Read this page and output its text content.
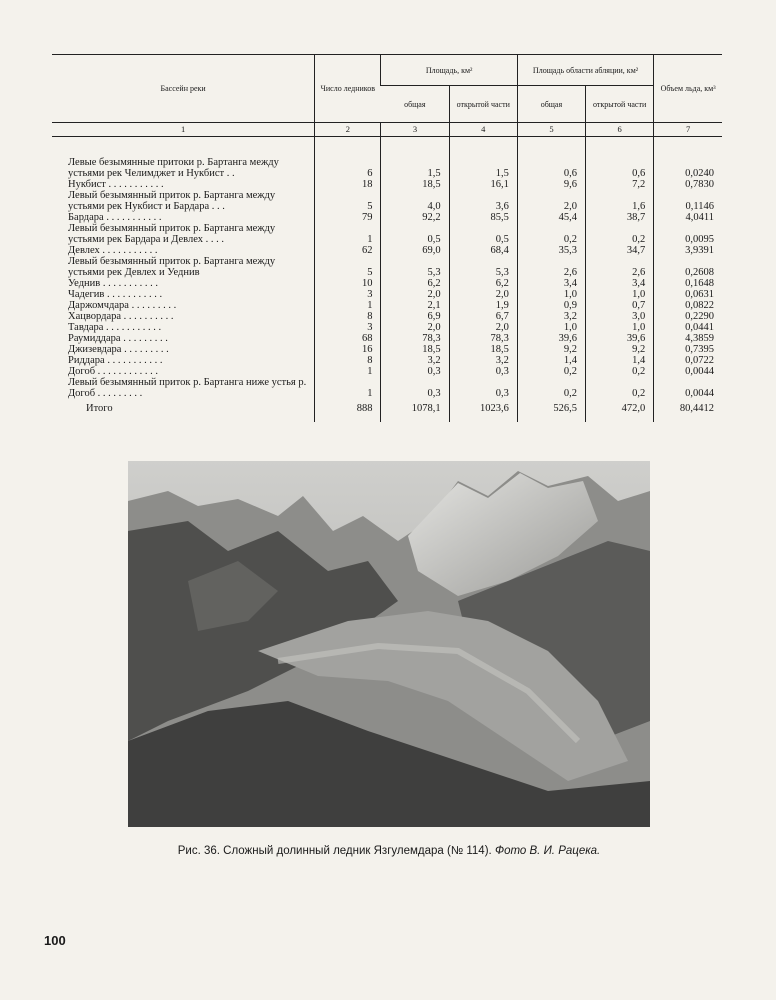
Бассейн реки	Число ледников	Площадь, км²		Площадь области абляции, км²		Объем льда, км³
		общая	открытой части	общая	открытой части	
1	2	3	4	5	6	7

Левые безымянные притоки р. Бартанга между устьями рек Челимджет и Нукбист . .	6	1,5	1,5	0,6	0,6	0,0240
Нукбист . . . . . . . . . . .	18	18,5	16,1	9,6	7,2	0,7830
Левый безымянный приток р. Бартанга между устьями рек Нукбист и Бардара . . .	5	4,0	3,6	2,0	1,6	0,1146
Бардара . . . . . . . . . . .	79	92,2	85,5	45,4	38,7	4,0411
Левый безымянный приток р. Бартанга между устьями рек Бардара и Девлех . . . .	1	0,5	0,5	0,2	0,2	0,0095
Девлех . . . . . . . . . . .	62	69,0	68,4	35,3	34,7	3,9391
Левый безымянный приток р. Бартанга между устьями рек Девлех и Уеднив	5	5,3	5,3	2,6	2,6	0,2608
Уеднив . . . . . . . . . . .	10	6,2	6,2	3,4	3,4	0,1648
Чадегив . . . . . . . . . . .	3	2,0	2,0	1,0	1,0	0,0631
Даржомчдара . . . . . . . . .	1	2,1	1,9	0,9	0,7	0,0822
Хацвордара . . . . . . . . . .	8	6,9	6,7	3,2	3,0	0,2290
Тавдара . . . . . . . . . . .	3	2,0	2,0	1,0	1,0	0,0441
Раумиддара . . . . . . . . .	68	78,3	78,3	39,6	39,6	4,3859
Джизевдара . . . . . . . . .	16	18,5	18,5	9,2	9,2	0,7395
Риддара . . . . . . . . . . .	8	3,2	3,2	1,4	1,4	0,0722
Догоб . . . . . . . . . . . .	1	0,3	0,3	0,2	0,2	0,0044
Левый безымянный приток р. Бартанга ниже устья р. Догоб . . . . . . . . .	1	0,3	0,3	0,2	0,2	0,0044
Итого	888	1078,1	1023,6	526,5	472,0	80,4412
Рис. 36. Сложный долинный ледник Язгулемдара (№ 114). Фото В. И. Рацека.
100
